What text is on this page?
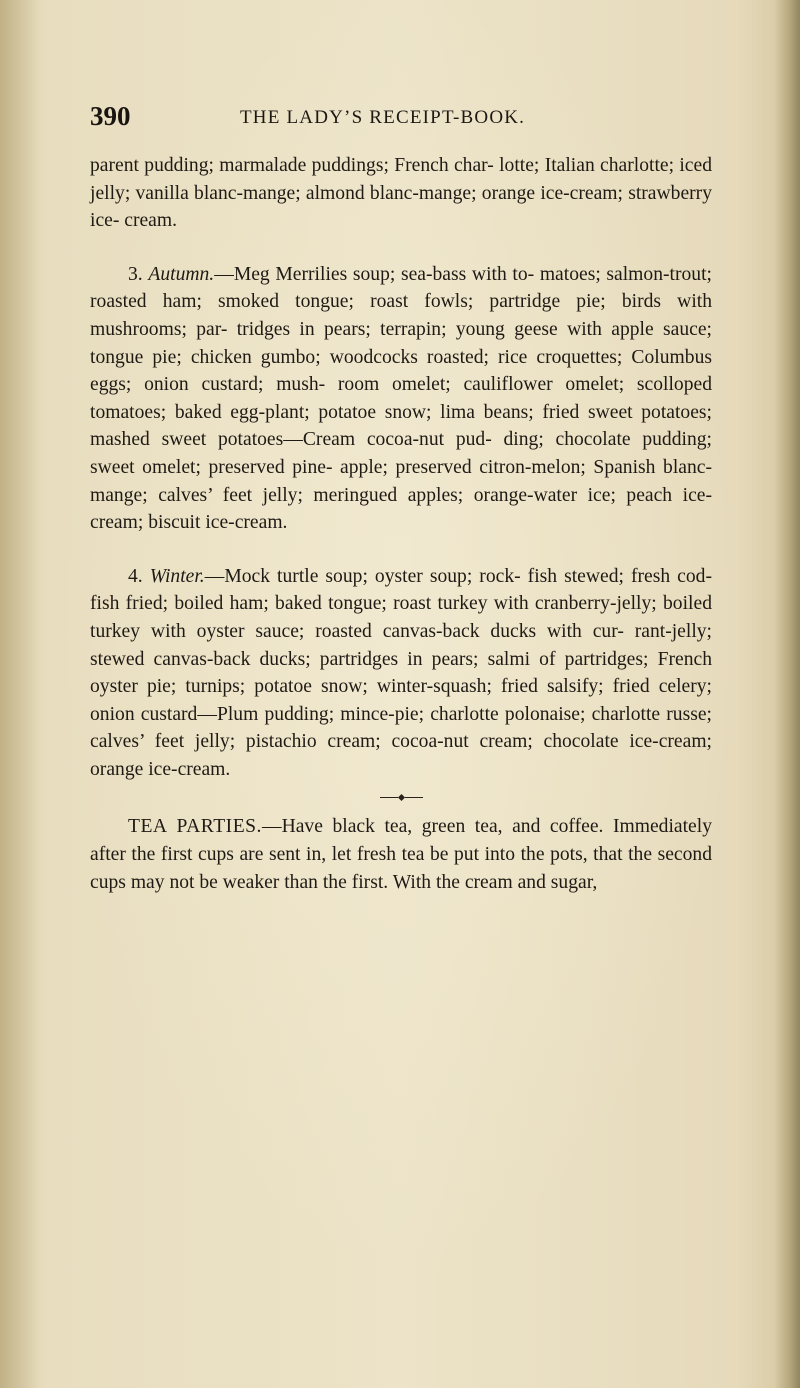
390	THE LADY’S RECEIPT-BOOK.

parent pudding; marmalade puddings; French char- lotte; Italian charlotte; iced jelly; vanilla blanc-mange; almond blanc-mange; orange ice-cream; strawberry ice- cream.

3. Autumn.—Meg Merrilies soup; sea-bass with to- matoes; salmon-trout; roasted ham; smoked tongue; roast fowls; partridge pie; birds with mushrooms; par- tridges in pears; terrapin; young geese with apple sauce; tongue pie; chicken gumbo; woodcocks roasted; rice croquettes; Columbus eggs; onion custard; mush- room omelet; cauliflower omelet; scolloped tomatoes; baked egg-plant; potatoe snow; lima beans; fried sweet potatoes; mashed sweet potatoes—Cream cocoa-nut pud- ding; chocolate pudding; sweet omelet; preserved pine- apple; preserved citron-melon; Spanish blanc-mange; calves’ feet jelly; meringued apples; orange-water ice; peach ice-cream; biscuit ice-cream.

4. Winter.—Mock turtle soup; oyster soup; rock- fish stewed; fresh cod-fish fried; boiled ham; baked tongue; roast turkey with cranberry-jelly; boiled turkey with oyster sauce; roasted canvas-back ducks with cur- rant-jelly; stewed canvas-back ducks; partridges in pears; salmi of partridges; French oyster pie; turnips; potatoe snow; winter-squash; fried salsify; fried celery; onion custard—Plum pudding; mince-pie; charlotte polonaise; charlotte russe; calves’ feet jelly; pistachio cream; cocoa-nut cream; chocolate ice-cream; orange ice-cream.

TEA PARTIES.—Have black tea, green tea, and coffee. Immediately after the first cups are sent in, let fresh tea be put into the pots, that the second cups may not be weaker than the first. With the cream and sugar,
